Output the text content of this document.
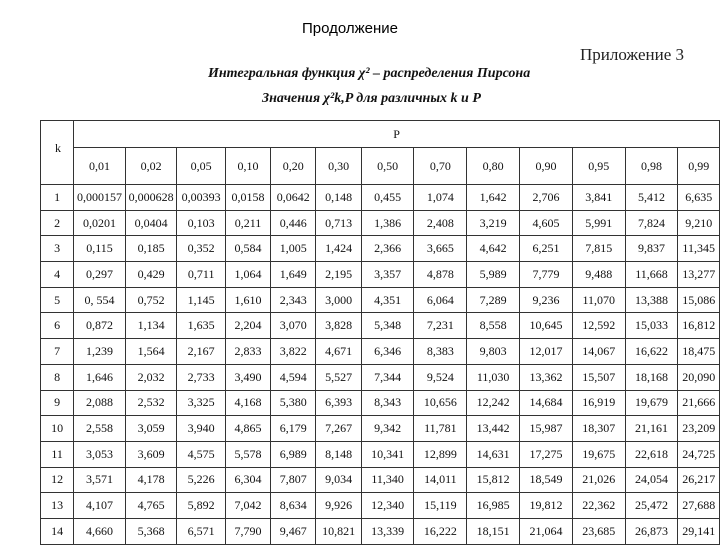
Продолжение
Приложение 3
Интегральная функция χ² – распределения Пирсона
Значения χ²k,P для различных k и P
k	P												
	0,01	0,02	0,05	0,10	0,20	0,30	0,50	0,70	0,80	0,90	0,95	0,98	0,99
1	0,000157	0,000628	0,00393	0,0158	0,0642	0,148	0,455	1,074	1,642	2,706	3,841	5,412	6,635
2	0,0201	0,0404	0,103	0,211	0,446	0,713	1,386	2,408	3,219	4,605	5,991	7,824	9,210
3	0,115	0,185	0,352	0,584	1,005	1,424	2,366	3,665	4,642	6,251	7,815	9,837	11,345
4	0,297	0,429	0,711	1,064	1,649	2,195	3,357	4,878	5,989	7,779	9,488	11,668	13,277
5	0, 554	0,752	1,145	1,610	2,343	3,000	4,351	6,064	7,289	9,236	11,070	13,388	15,086
6	0,872	1,134	1,635	2,204	3,070	3,828	5,348	7,231	8,558	10,645	12,592	15,033	16,812
7	1,239	1,564	2,167	2,833	3,822	4,671	6,346	8,383	9,803	12,017	14,067	16,622	18,475
8	1,646	2,032	2,733	3,490	4,594	5,527	7,344	9,524	11,030	13,362	15,507	18,168	20,090
9	2,088	2,532	3,325	4,168	5,380	6,393	8,343	10,656	12,242	14,684	16,919	19,679	21,666
10	2,558	3,059	3,940	4,865	6,179	7,267	9,342	11,781	13,442	15,987	18,307	21,161	23,209
11	3,053	3,609	4,575	5,578	6,989	8,148	10,341	12,899	14,631	17,275	19,675	22,618	24,725
12	3,571	4,178	5,226	6,304	7,807	9,034	11,340	14,011	15,812	18,549	21,026	24,054	26,217
13	4,107	4,765	5,892	7,042	8,634	9,926	12,340	15,119	16,985	19,812	22,362	25,472	27,688
14	4,660	5,368	6,571	7,790	9,467	10,821	13,339	16,222	18,151	21,064	23,685	26,873	29,141
